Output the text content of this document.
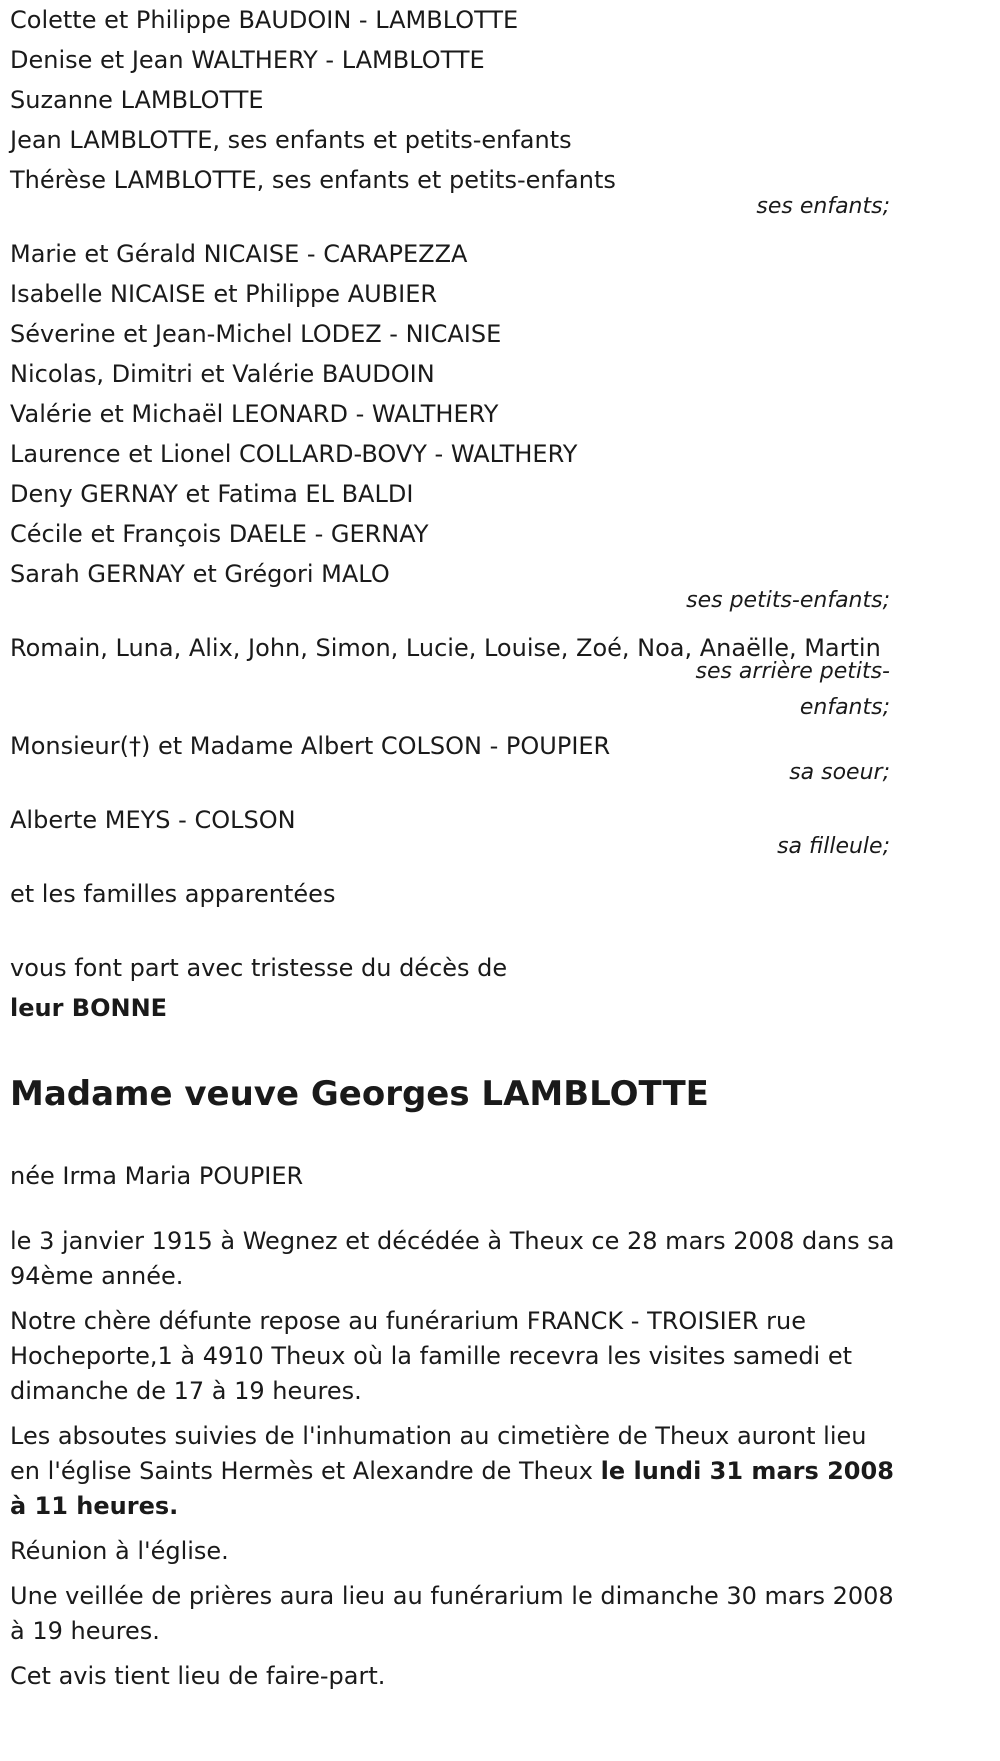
Colette et Philippe BAUDOIN - LAMBLOTTE
Denise et Jean WALTHERY - LAMBLOTTE
Suzanne LAMBLOTTE
Jean LAMBLOTTE, ses enfants et petits-enfants
Thérèse LAMBLOTTE, ses enfants et petits-enfants
ses enfants;
Marie et Gérald NICAISE - CARAPEZZA
Isabelle NICAISE et Philippe AUBIER
Séverine et Jean-Michel LODEZ - NICAISE
Nicolas, Dimitri et Valérie BAUDOIN
Valérie et Michaël LEONARD - WALTHERY
Laurence et Lionel COLLARD-BOVY - WALTHERY
Deny GERNAY et Fatima EL BALDI
Cécile et François DAELE - GERNAY
Sarah GERNAY et Grégori MALO
ses petits-enfants;
Romain, Luna, Alix, John, Simon, Lucie, Louise, Zoé, Noa, Anaëlle, Martin
ses arrière petits-
enfants;
Monsieur(†) et Madame Albert COLSON - POUPIER
sa soeur;
Alberte MEYS - COLSON
sa filleule;
et les familles apparentées
vous font part avec tristesse du décès de
leur BONNE
Madame veuve Georges LAMBLOTTE
née Irma Maria POUPIER

le 3 janvier 1915 à Wegnez et décédée à Theux ce 28 mars 2008 dans sa 94ème année.

Notre chère défunte repose au funérarium FRANCK - TROISIER rue Hocheporte,1 à 4910 Theux où la famille recevra les visites samedi et dimanche de 17 à 19 heures.

Les absoutes suivies de l'inhumation au cimetière de Theux auront lieu en l'église Saints Hermès et Alexandre de Theux le lundi 31 mars 2008 à 11 heures.

Réunion à l'église.

Une veillée de prières aura lieu au funérarium le dimanche 30 mars 2008 à 19 heures.

Cet avis tient lieu de faire-part.
